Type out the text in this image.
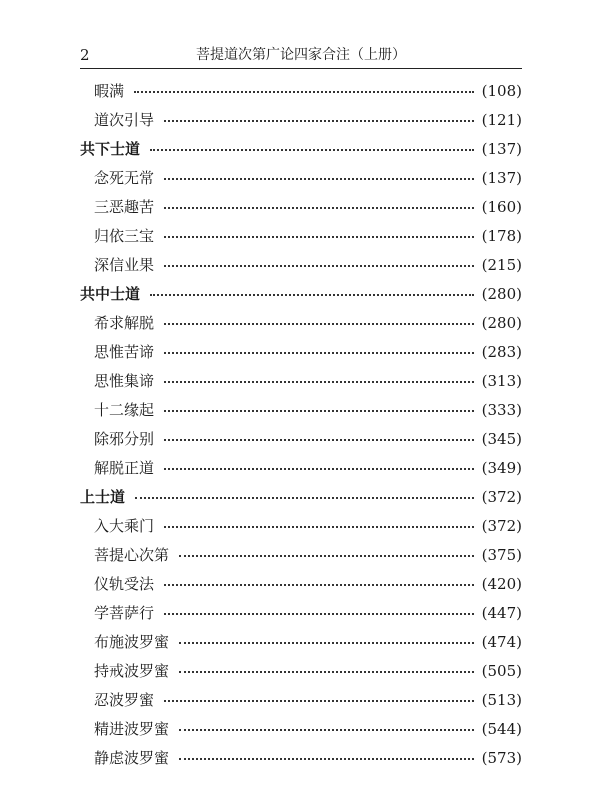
2	菩提道次第广论四家合注（上册）
暇满	(108)
道次引导	(121)
共下士道	(137)
念死无常	(137)
三恶趣苦	(160)
归依三宝	(178)
深信业果	(215)
共中士道	(280)
希求解脱	(280)
思惟苦谛	(283)
思惟集谛	(313)
十二缘起	(333)
除邪分别	(345)
解脱正道	(349)
上士道	(372)
入大乘门	(372)
菩提心次第	(375)
仪轨受法	(420)
学菩萨行	(447)
布施波罗蜜	(474)
持戒波罗蜜	(505)
忍波罗蜜	(513)
精进波罗蜜	(544)
静虑波罗蜜	(573)
